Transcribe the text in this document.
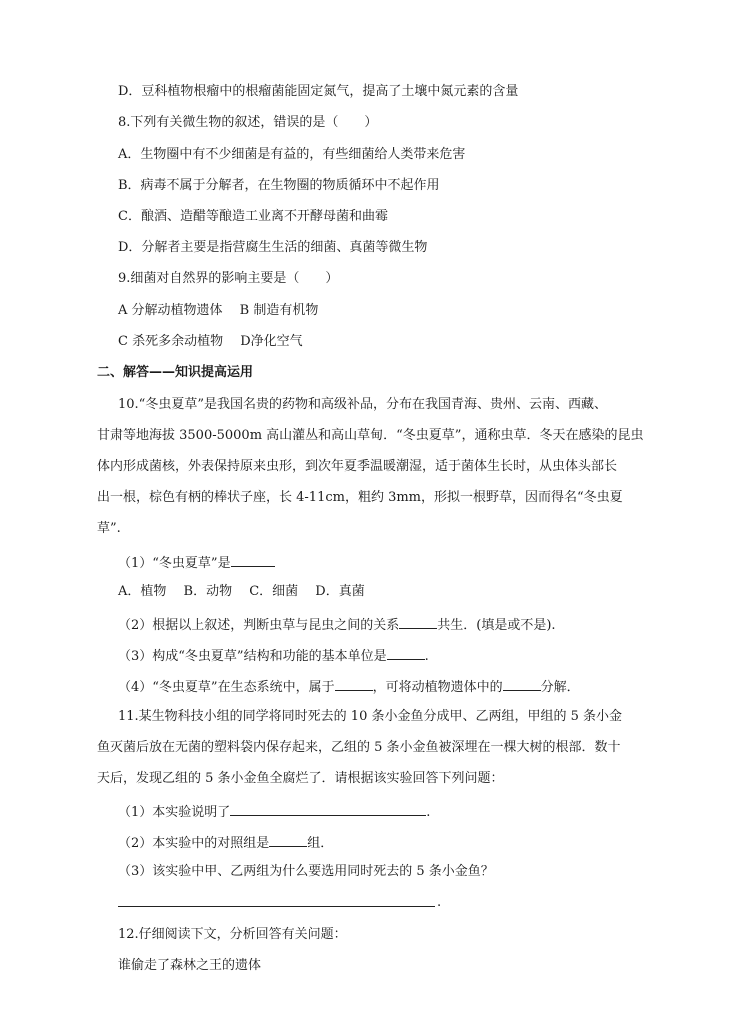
D．豆科植物根瘤中的根瘤菌能固定氮气，提高了土壤中氮元素的含量
8.下列有关微生物的叙述，错误的是（　　）
A．生物圈中有不少细菌是有益的，有些细菌给人类带来危害
B．病毒不属于分解者，在生物圈的物质循环中不起作用
C．酿酒、造醋等酿造工业离不开酵母菌和曲霉
D．分解者主要是指营腐生生活的细菌、真菌等微生物
9.细菌对自然界的影响主要是（　　）
A 分解动植物遗体　 B 制造有机物
C 杀死多余动植物　 D净化空气
二、解答——知识提高运用
10.“冬虫夏草”是我国名贵的药物和高级补品，分布在我国青海、贵州、云南、西藏、
甘肃等地海拔 3500-5000m 高山灌丛和高山草甸．“冬虫夏草”，通称虫草．冬天在感染的昆虫
体内形成菌核，外表保持原来虫形，到次年夏季温暖潮湿，适于菌体生长时，从虫体头部长
出一根，棕色有柄的棒状子座，长 4-11cm，粗约 3mm，形拟一根野草，因而得名“冬虫夏
草”.
（1）“冬虫夏草”是
A．植物　 B．动物　 C．细菌　 D．真菌
（2）根据以上叙述，判断虫草与昆虫之间的关系	共生．(填是或不是).
（3）构成“冬虫夏草”结构和功能的基本单位是	.
（4）“冬虫夏草”在生态系统中，属于	，可将动植物遗体中的	分解．
11.某生物科技小组的同学将同时死去的 10 条小金鱼分成甲、乙两组，甲组的 5 条小金
鱼灭菌后放在无菌的塑料袋内保存起来，乙组的 5 条小金鱼被深埋在一棵大树的根部．数十
天后，发现乙组的 5 条小金鱼全腐烂了．请根据该实验回答下列问题：
（1）本实验说明了	.
（2）本实验中的对照组是	组．
（3）该实验中甲、乙两组为什么要选用同时死去的 5 条小金鱼？
.
12.仔细阅读下文，分析回答有关问题：
谁偷走了森林之王的遗体
